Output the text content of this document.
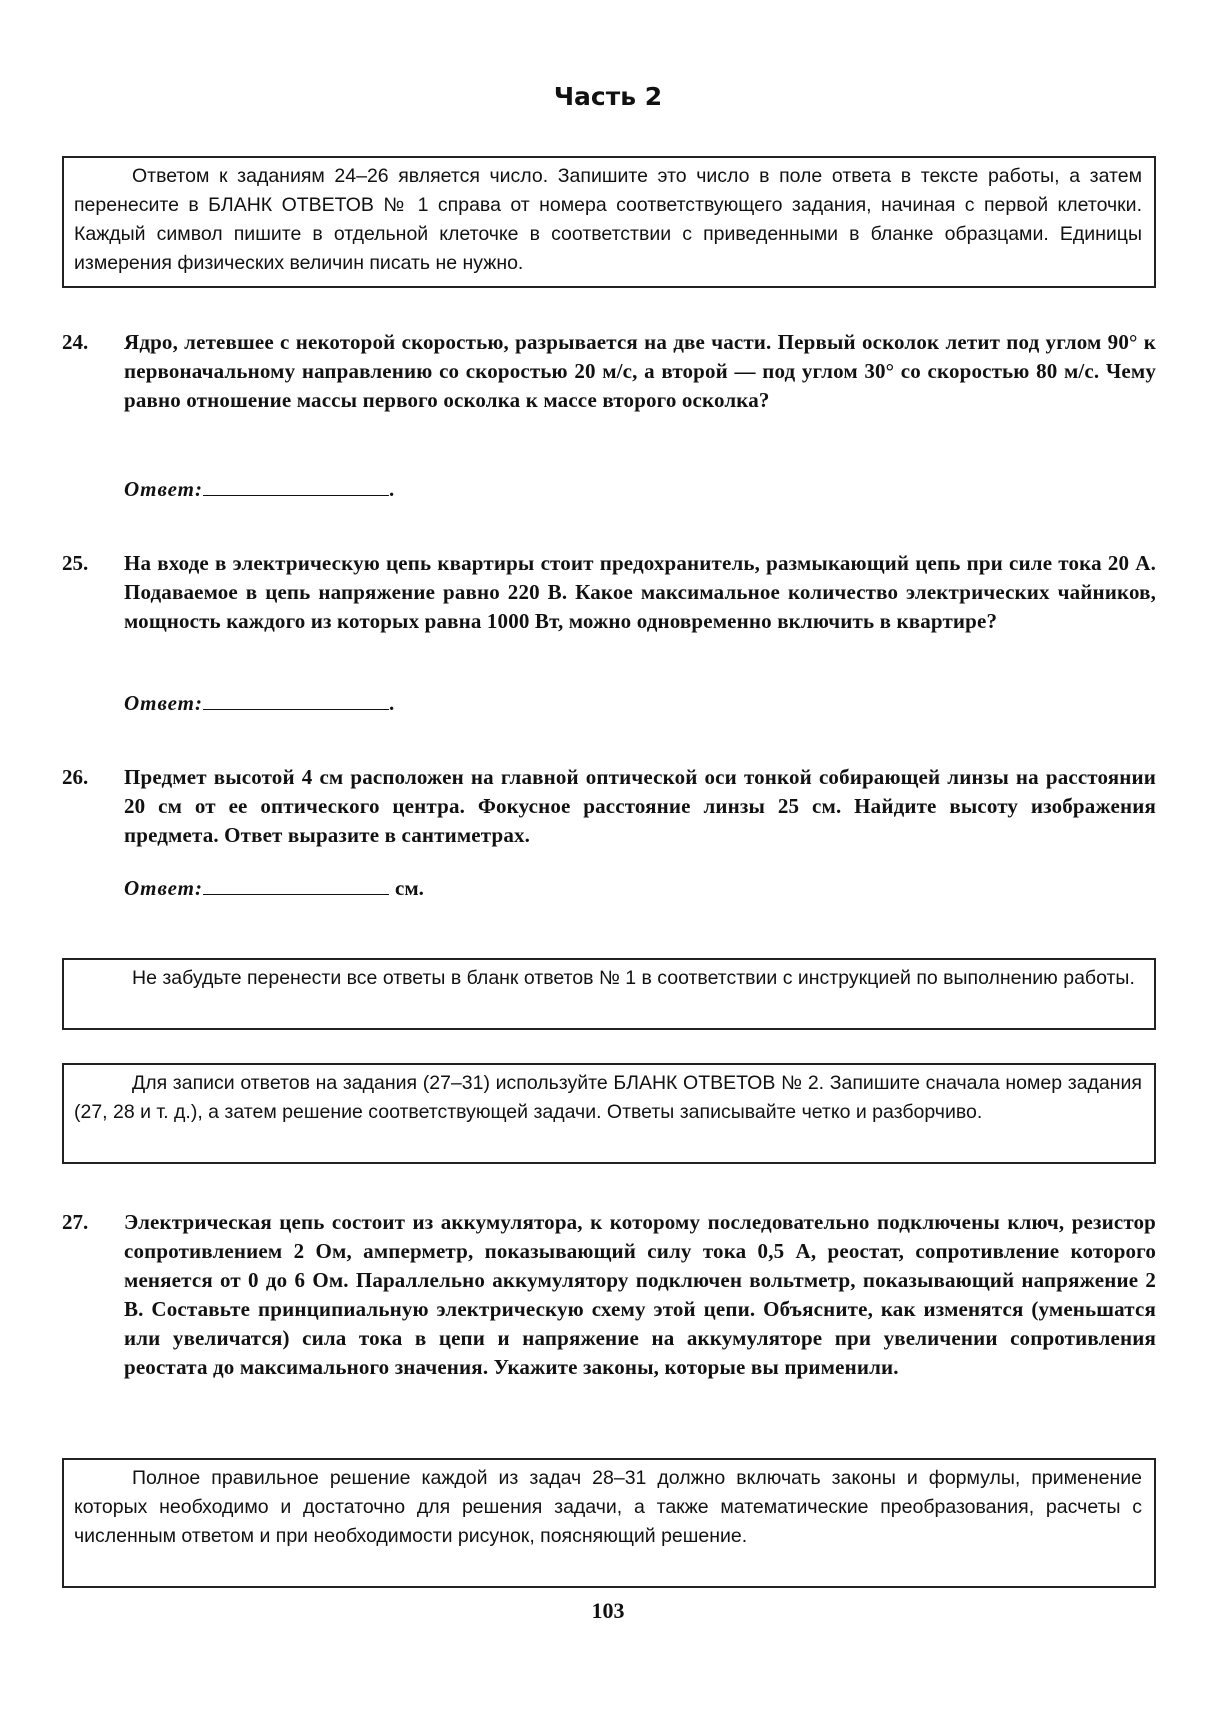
Часть 2
Ответом к заданиям 24–26 является число. Запишите это число в поле ответа в тексте работы, а затем перенесите в БЛАНК ОТВЕТОВ № 1 справа от номера соответствующего задания, начиная с первой клеточки. Каждый символ пишите в отдельной клеточке в соответствии с приведенными в бланке образцами. Единицы измерения физических величин писать не нужно.
24.	Ядро, летевшее с некоторой скоростью, разрывается на две части. Первый осколок летит под углом 90° к первоначальному направлению со скоростью 20 м/с, а второй — под углом 30° со скоростью 80 м/с. Чему равно отношение массы первого осколка к массе второго осколка?
Ответ:	.
25.	На входе в электрическую цепь квартиры стоит предохранитель, размыкающий цепь при силе тока 20 А. Подаваемое в цепь напряжение равно 220 В. Какое максимальное количество электрических чайников, мощность каждого из которых равна 1000 Вт, можно одновременно включить в квартире?
Ответ:	.
26.	Предмет высотой 4 см расположен на главной оптической оси тонкой собирающей линзы на расстоянии 20 см от ее оптического центра. Фокусное расстояние линзы 25 см. Найдите высоту изображения предмета. Ответ выразите в сантиметрах.
Ответ:	см.
Не забудьте перенести все ответы в бланк ответов № 1 в соответствии с инструкцией по выполнению работы.
Для записи ответов на задания (27–31) используйте БЛАНК ОТВЕТОВ № 2. Запишите сначала номер задания (27, 28 и т. д.), а затем решение соответствующей задачи. Ответы записывайте четко и разборчиво.
27.	Электрическая цепь состоит из аккумулятора, к которому последовательно подключены ключ, резистор сопротивлением 2 Ом, амперметр, показывающий силу тока 0,5 А, реостат, сопротивление которого меняется от 0 до 6 Ом. Параллельно аккумулятору подключен вольтметр, показывающий напряжение 2 В. Составьте принципиальную электрическую схему этой цепи. Объясните, как изменятся (уменьшатся или увеличатся) сила тока в цепи и напряжение на аккумуляторе при увеличении сопротивления реостата до максимального значения. Укажите законы, которые вы применили.
Полное правильное решение каждой из задач 28–31 должно включать законы и формулы, применение которых необходимо и достаточно для решения задачи, а также математические преобразования, расчеты с численным ответом и при необходимости рисунок, поясняющий решение.
103
